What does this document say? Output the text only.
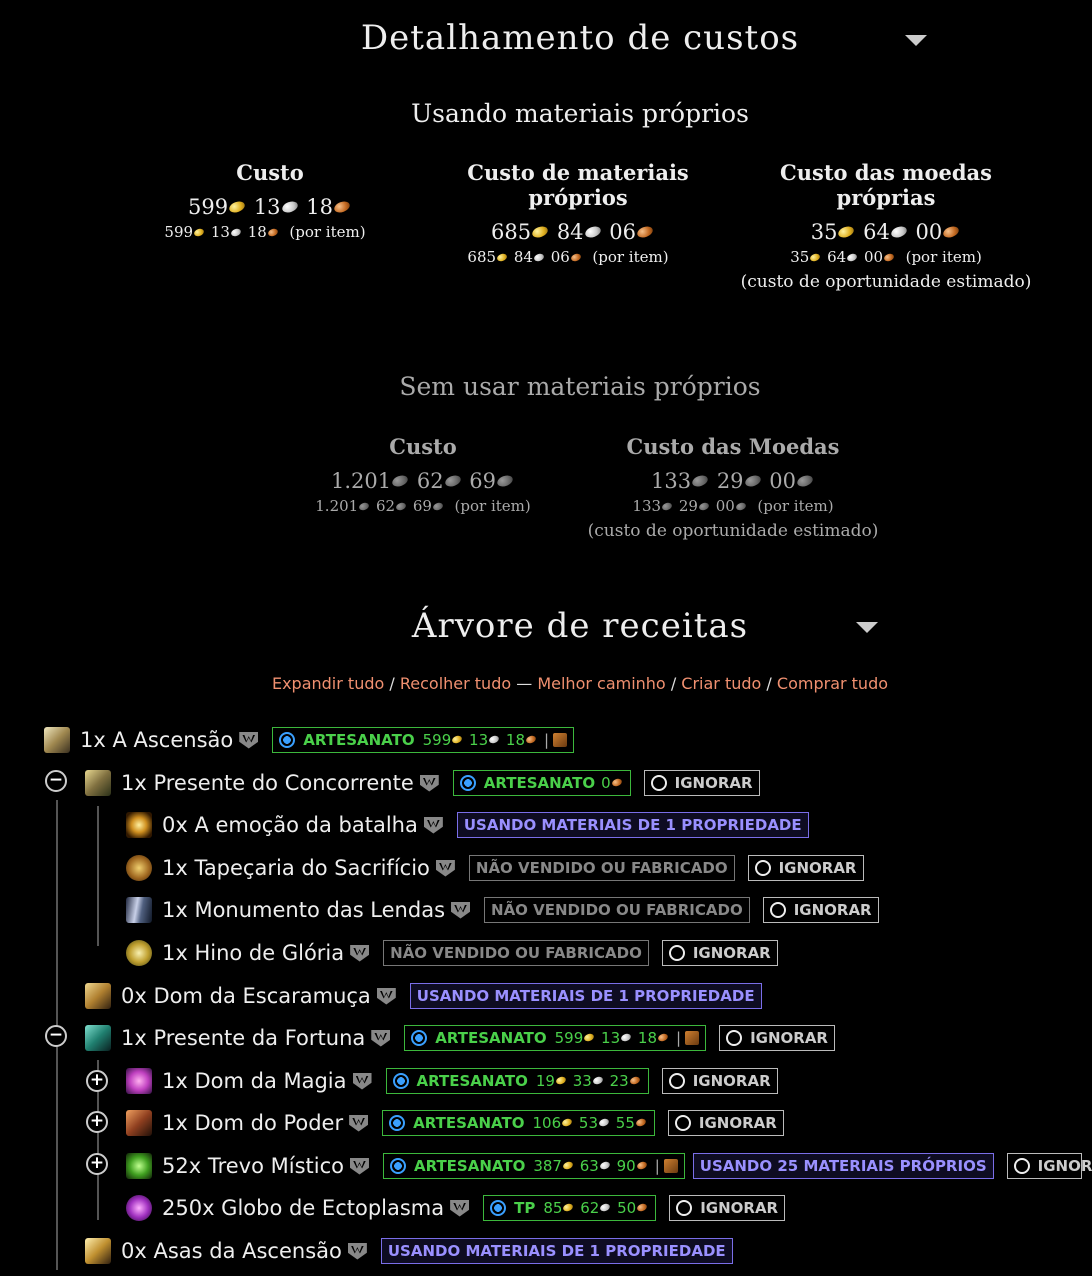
Detalhamento de custos
Usando materiais próprios
Custo
599 13 18
599 13 18 (por item)
Custo de materiais próprios
685 84 06
685 84 06 (por item)
Custo das moedas próprias
35 64 00
35 64 00 (por item)
(custo de oportunidade estimado)
Sem usar materiais próprios
Custo
1.201 62 69
1.201 62 69 (por item)
Custo das Moedas
133 29 00
133 29 00 (por item)
(custo de oportunidade estimado)
Árvore de receitas
Expandir tudo / Recolher tudo — Melhor caminho / Criar tudo / Comprar tudo
−
−
+
+
+
1x A Ascensão	ARTESANATO 599 13 18	|
1x Presente do Concorrente	ARTESANATO 0	IGNORAR
0x A emoção da batalha	USANDO MATERIAIS DE 1 PROPRIEDADE
1x Tapeçaria do Sacrifício	NÃO VENDIDO OU FABRICADO	IGNORAR
1x Monumento das Lendas	NÃO VENDIDO OU FABRICADO	IGNORAR
1x Hino de Glória	NÃO VENDIDO OU FABRICADO	IGNORAR
0x Dom da Escaramuça	USANDO MATERIAIS DE 1 PROPRIEDADE
1x Presente da Fortuna	ARTESANATO 599 13 18	|	IGNORAR
1x Dom da Magia	ARTESANATO 19 33 23	IGNORAR
1x Dom do Poder	ARTESANATO 106 53 55	IGNORAR
52x Trevo Místico	ARTESANATO 387 63 90	|	USANDO 25 MATERIAIS PRÓPRIOS	IGNOR
250x Globo de Ectoplasma	TP 85 62 50	IGNORAR
0x Asas da Ascensão	USANDO MATERIAIS DE 1 PROPRIEDADE
